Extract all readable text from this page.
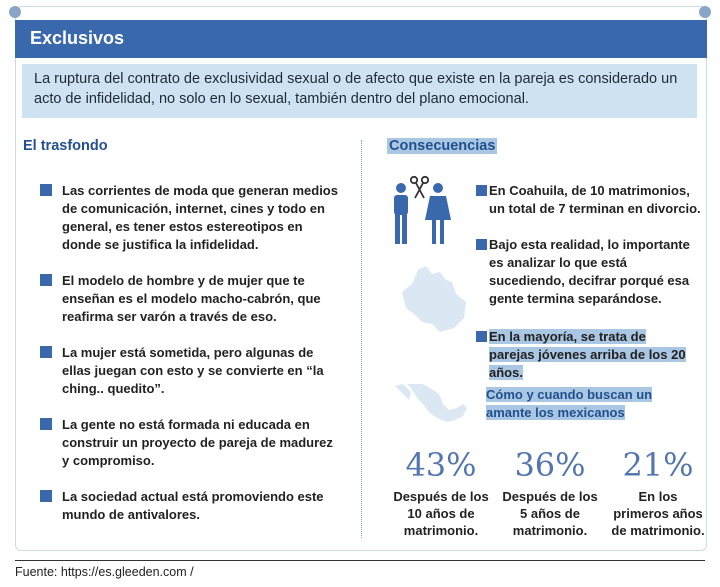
Exclusivos
La ruptura del contrato de exclusividad sexual o de afecto que existe en la pareja es considerado un acto de infidelidad, no solo en lo sexual, también dentro del plano emocional.
El trasfondo	Consecuencias
Las corrientes de moda que generan medios de comunicación, internet, cines y todo en general, es tener estos estereotipos en donde se justifica la infidelidad.
El modelo de hombre y de mujer que te enseñan es el modelo macho-cabrón, que reafirma ser varón a través de eso.
La mujer está sometida, pero algunas de ellas juegan con esto y se convierte en “la ching.. quedito”.
La gente no está formada ni educada en construir un proyecto de pareja de madurez y compromiso.
La sociedad actual está promoviendo este mundo de antivalores.
En Coahuila, de 10 matrimonios, un total de 7 terminan en divorcio.
Bajo esta realidad, lo importante es analizar lo que está sucediendo, decifrar porqué esa gente termina separándose.
En la mayoría, se trata de parejas jóvenes arriba de los 20 años.
Cómo y cuando buscan un amante los mexicanos
43%
Después de los 10 años de matrimonio.
36%
Después de los 5 años de matrimonio.
21%
En los primeros años de matrimonio.
Fuente: https://es.gleeden.com /
